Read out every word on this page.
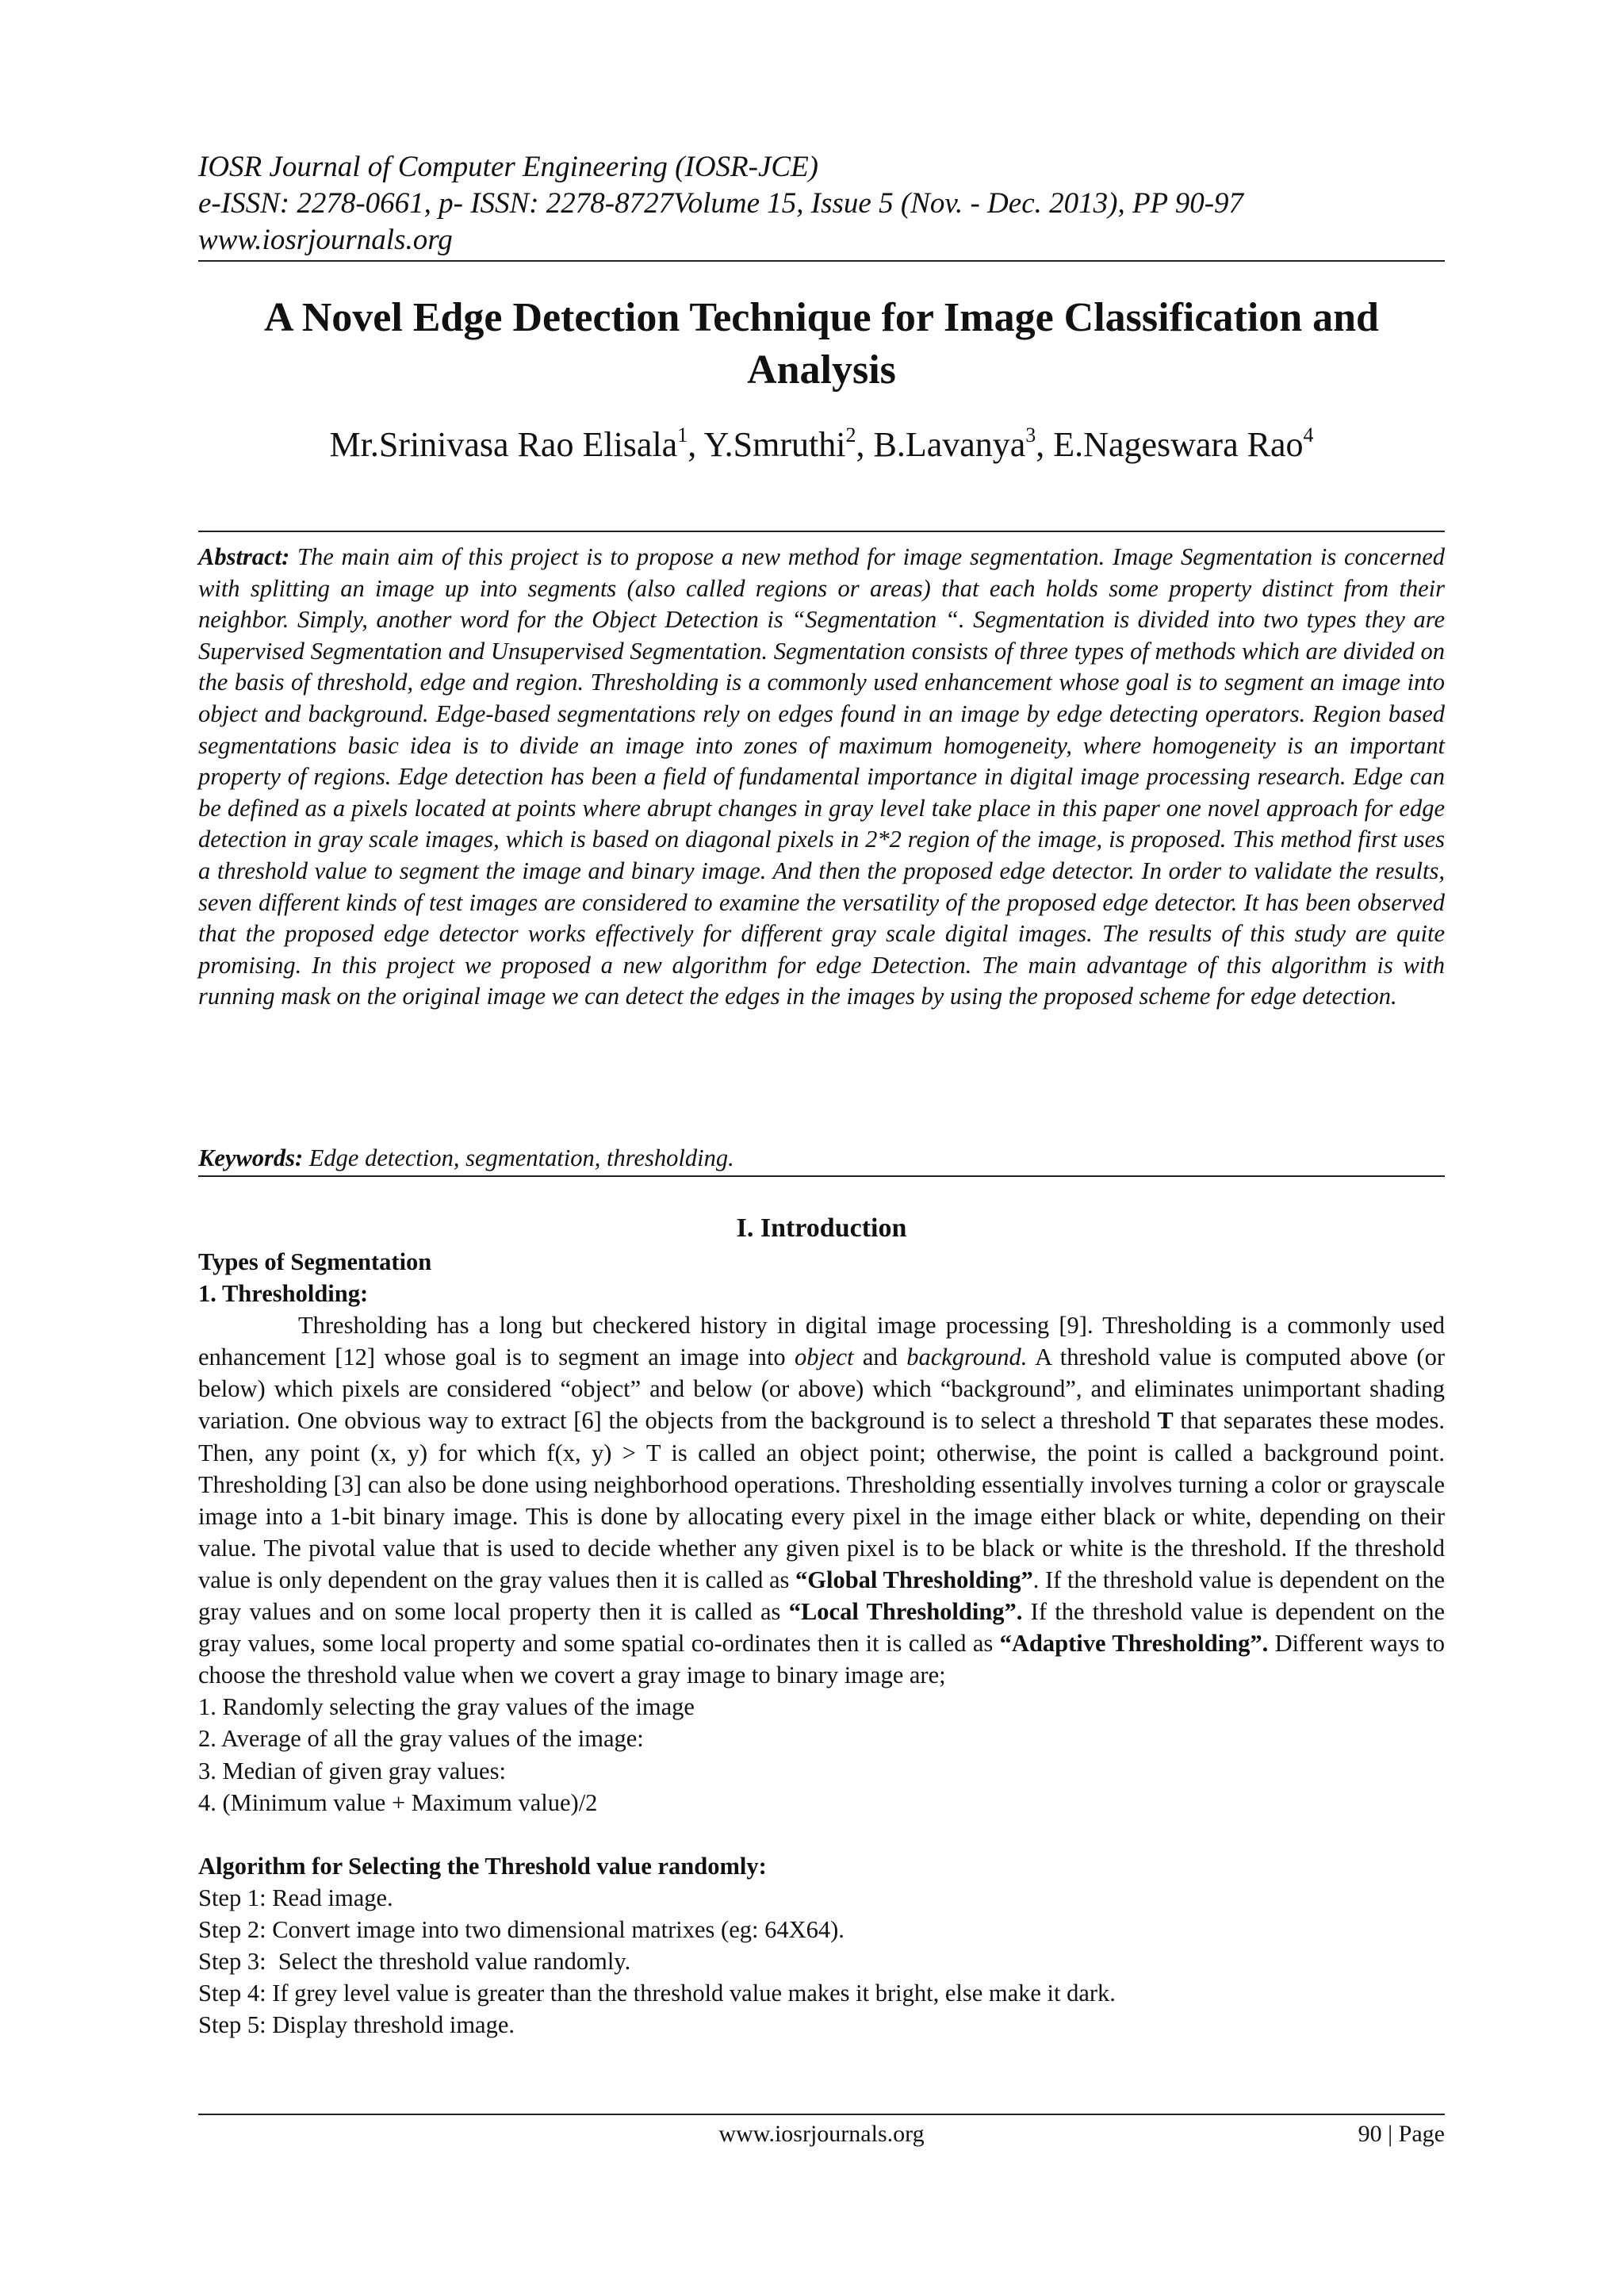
IOSR Journal of Computer Engineering (IOSR-JCE)
e-ISSN: 2278-0661, p- ISSN: 2278-8727Volume 15, Issue 5 (Nov. - Dec. 2013), PP 90-97
www.iosrjournals.org
A Novel Edge Detection Technique for Image Classification and Analysis
Mr.Srinivasa Rao Elisala$^1$, Y.Smruthi$^2$, B.Lavanya$^3$, E.Nageswara Rao$^4$
Abstract: The main aim of this project is to propose a new method for image segmentation. Image Segmentation is concerned with splitting an image up into segments (also called regions or areas) that each holds some property distinct from their neighbor. Simply, another word for the Object Detection is “Segmentation “. Segmentation is divided into two types they are Supervised Segmentation and Unsupervised Segmentation. Segmentation consists of three types of methods which are divided on the basis of threshold, edge and region. Thresholding is a commonly used enhancement whose goal is to segment an image into object and background. Edge-based segmentations rely on edges found in an image by edge detecting operators. Region based segmentations basic idea is to divide an image into zones of maximum homogeneity, where homogeneity is an important property of regions. Edge detection has been a field of fundamental importance in digital image processing research. Edge can be defined as a pixels located at points where abrupt changes in gray level take place in this paper one novel approach for edge detection in gray scale images, which is based on diagonal pixels in 2*2 region of the image, is proposed. This method first uses a threshold value to segment the image and binary image. And then the proposed edge detector. In order to validate the results, seven different kinds of test images are considered to examine the versatility of the proposed edge detector. It has been observed that the proposed edge detector works effectively for different gray scale digital images. The results of this study are quite promising. In this project we proposed a new algorithm for edge Detection. The main advantage of this algorithm is with running mask on the original image we can detect the edges in the images by using the proposed scheme for edge detection.
Keywords: Edge detection, segmentation, thresholding.
I. Introduction
Types of Segmentation
1. Thresholding:
Thresholding has a long but checkered history in digital image processing [9]. Thresholding is a commonly used enhancement [12] whose goal is to segment an image into object and background. A threshold value is computed above (or below) which pixels are considered “object” and below (or above) which “background”, and eliminates unimportant shading variation. One obvious way to extract [6] the objects from the background is to select a threshold T that separates these modes. Then, any point (x, y) for which f(x, y) > T is called an object point; otherwise, the point is called a background point. Thresholding [3] can also be done using neighborhood operations. Thresholding essentially involves turning a color or grayscale image into a 1-bit binary image. This is done by allocating every pixel in the image either black or white, depending on their value. The pivotal value that is used to decide whether any given pixel is to be black or white is the threshold. If the threshold value is only dependent on the gray values then it is called as “Global Thresholding”. If the threshold value is dependent on the gray values and on some local property then it is called as “Local Thresholding”. If the threshold value is dependent on the gray values, some local property and some spatial co-ordinates then it is called as “Adaptive Thresholding”. Different ways to choose the threshold value when we covert a gray image to binary image are;
1. Randomly selecting the gray values of the image
2. Average of all the gray values of the image:
3. Median of given gray values:
4. (Minimum value + Maximum value)/2
Algorithm for Selecting the Threshold value randomly:
Step 1: Read image.
Step 2: Convert image into two dimensional matrixes (eg: 64X64).
Step 3:  Select the threshold value randomly.
Step 4: If grey level value is greater than the threshold value makes it bright, else make it dark.
Step 5: Display threshold image.
www.iosrjournals.org	90 | Page
